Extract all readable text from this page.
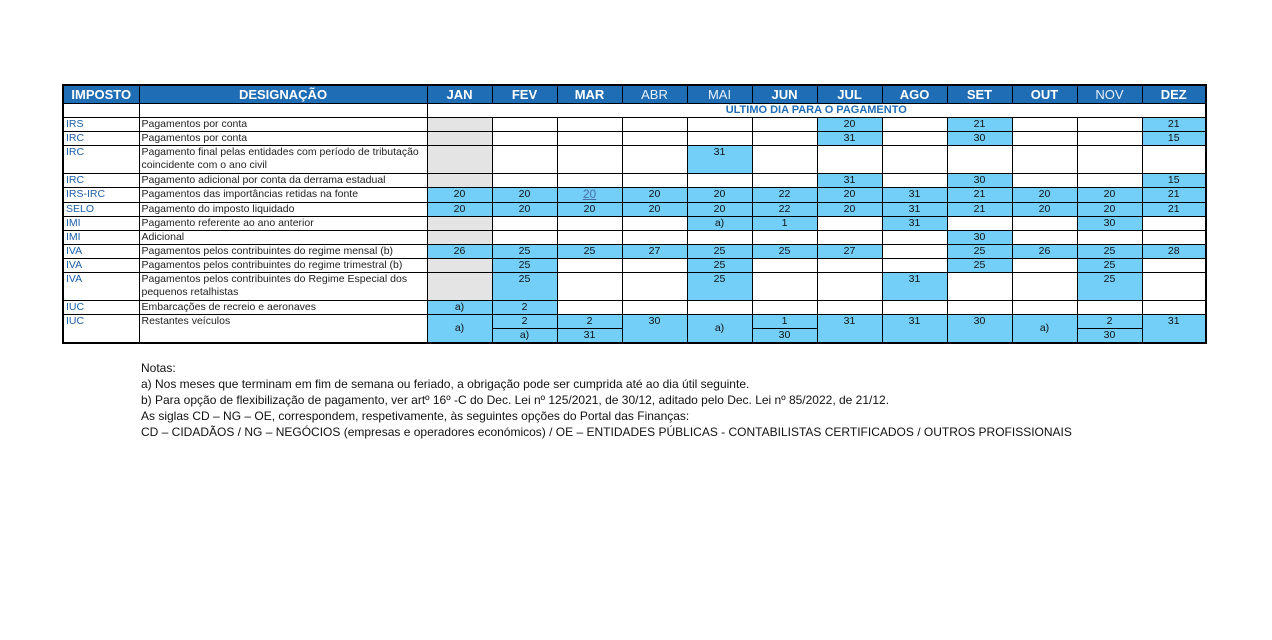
IMPOSTO	DESIGNAÇÃO	JAN	FEV	MAR	ABR	MAI	JUN	JUL	AGO	SET	OUT	NOV	DEZ
		ÚLTIMO DIA PARA O PAGAMENTO											
IRS	Pagamentos por conta							20		21			21
IRC	Pagamentos por conta							31		30			15
IRC	Pagamento final pelas entidades com período de tributação coincidente com o ano civil					31							
IRC	Pagamento adicional por conta da derrama estadual							31		30			15
IRS-IRC	Pagamentos das importâncias retidas na fonte	20	20	20	20	20	22	20	31	21	20	20	21
SELO	Pagamento do imposto liquidado	20	20	20	20	20	22	20	31	21	20	20	21
IMI	Pagamento referente ao ano anterior					a)	1		31			30	
IMI	Adicional									30			
IVA	Pagamentos pelos contribuintes do regime mensal (b)	26	25	25	27	25	25	27		25	26	25	28
IVA	Pagamentos pelos contribuintes do regime trimestral (b)		25			25				25		25	
IVA	Pagamentos pelos contribuintes do Regime Especial dos pequenos retalhistas		25			25			31			25	
IUC	Embarcações de recreio e aeronaves	a)	2										
IUC	Restantes veículos	a)	2	2	30	a)	1	31	31	30	a)	2	31
			a)	31			30					30	
Notas:
a) Nos meses que terminam em fim de semana ou feriado, a obrigação pode ser cumprida até ao dia útil seguinte.
b) Para opção de flexibilização de pagamento, ver artº 16º -C do Dec. Lei nº 125/2021, de 30/12, aditado pelo Dec. Lei nº 85/2022, de 21/12.
As siglas CD – NG – OE, correspondem, respetivamente, às seguintes opções do Portal das Finanças:
CD – CIDADÃOS / NG – NEGÓCIOS (empresas e operadores económicos) / OE – ENTIDADES PÚBLICAS - CONTABILISTAS CERTIFICADOS / OUTROS PROFISSIONAIS
